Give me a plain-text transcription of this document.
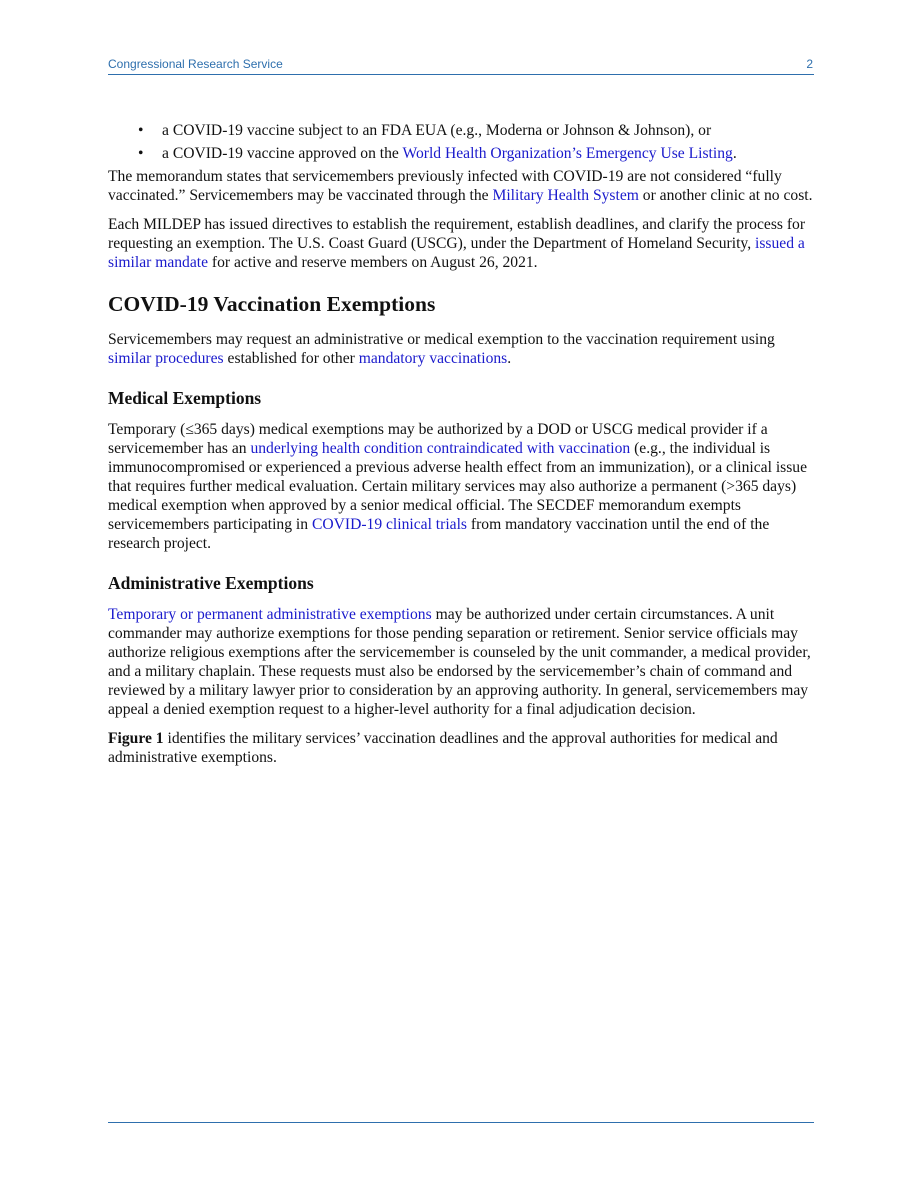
Congressional Research Service	2
• a COVID-19 vaccine subject to an FDA EUA (e.g., Moderna or Johnson & Johnson), or
• a COVID-19 vaccine approved on the World Health Organization’s Emergency Use Listing.

The memorandum states that servicemembers previously infected with COVID-19 are not considered “fully vaccinated.” Servicemembers may be vaccinated through the Military Health System or another clinic at no cost.

Each MILDEP has issued directives to establish the requirement, establish deadlines, and clarify the process for requesting an exemption. The U.S. Coast Guard (USCG), under the Department of Homeland Security, issued a similar mandate for active and reserve members on August 26, 2021.

COVID-19 Vaccination Exemptions

Servicemembers may request an administrative or medical exemption to the vaccination requirement using similar procedures established for other mandatory vaccinations.

Medical Exemptions

Temporary (≤365 days) medical exemptions may be authorized by a DOD or USCG medical provider if a servicemember has an underlying health condition contraindicated with vaccination (e.g., the individual is immunocompromised or experienced a previous adverse health effect from an immunization), or a clinical issue that requires further medical evaluation. Certain military services may also authorize a permanent (>365 days) medical exemption when approved by a senior medical official. The SECDEF memorandum exempts servicemembers participating in COVID-19 clinical trials from mandatory vaccination until the end of the research project.

Administrative Exemptions

Temporary or permanent administrative exemptions may be authorized under certain circumstances. A unit commander may authorize exemptions for those pending separation or retirement. Senior service officials may authorize religious exemptions after the servicemember is counseled by the unit commander, a medical provider, and a military chaplain. These requests must also be endorsed by the servicemember’s chain of command and reviewed by a military lawyer prior to consideration by an approving authority. In general, servicemembers may appeal a denied exemption request to a higher-level authority for a final adjudication decision.

Figure 1 identifies the military services’ vaccination deadlines and the approval authorities for medical and administrative exemptions.
